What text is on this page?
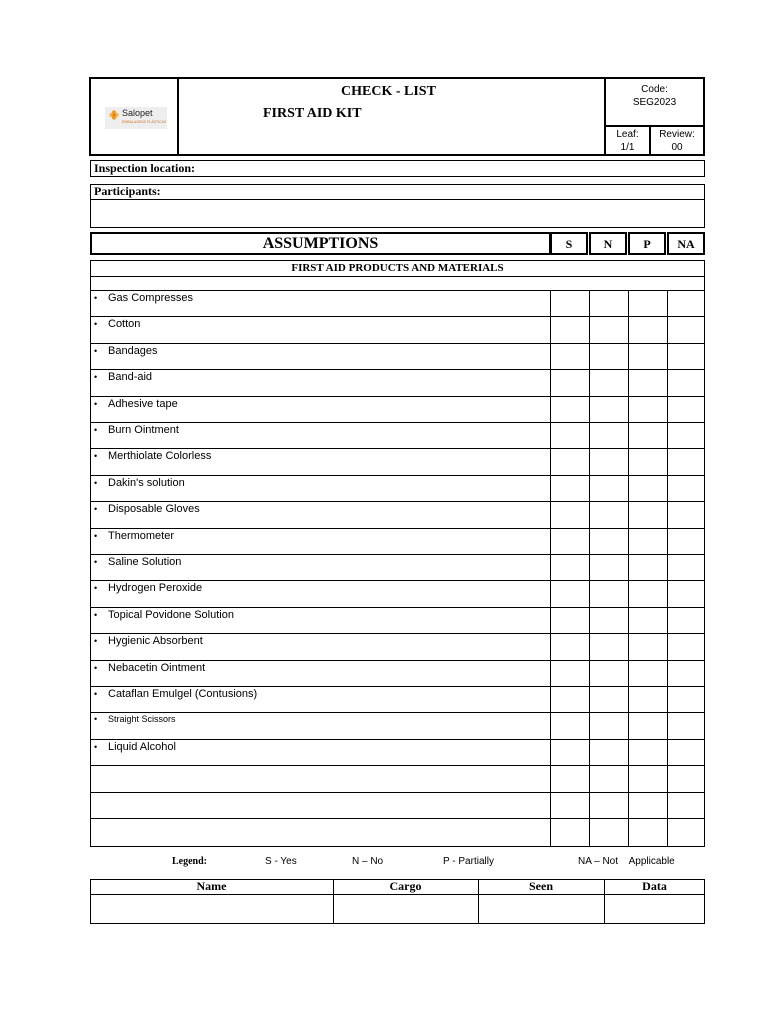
Salopet
EMBALAGENS PLÁSTICAS
CHECK - LIST
FIRST AID KIT
Code:
SEG2023
Leaf:
1/1
Review:
00
Inspection location:
Participants:
ASSUMPTIONS	S	N	P	NA
FIRST AID PRODUCTS AND MATERIALS
• Gas Compresses
• Cotton
• Bandages
• Band-aid
• Adhesive tape
• Burn Ointment
• Merthiolate Colorless
• Dakin's solution
• Disposable Gloves
• Thermometer
• Saline Solution
• Hydrogen Peroxide
• Topical Povidone Solution
• Hygienic Absorbent
• Nebacetin Ointment
• Cataflan Emulgel (Contusions)
• Straight Scissors
• Liquid Alcohol
Legend:	S - Yes	N – No	P - Partially	NA – Not    Applicable
Name	Cargo	Seen	Data
